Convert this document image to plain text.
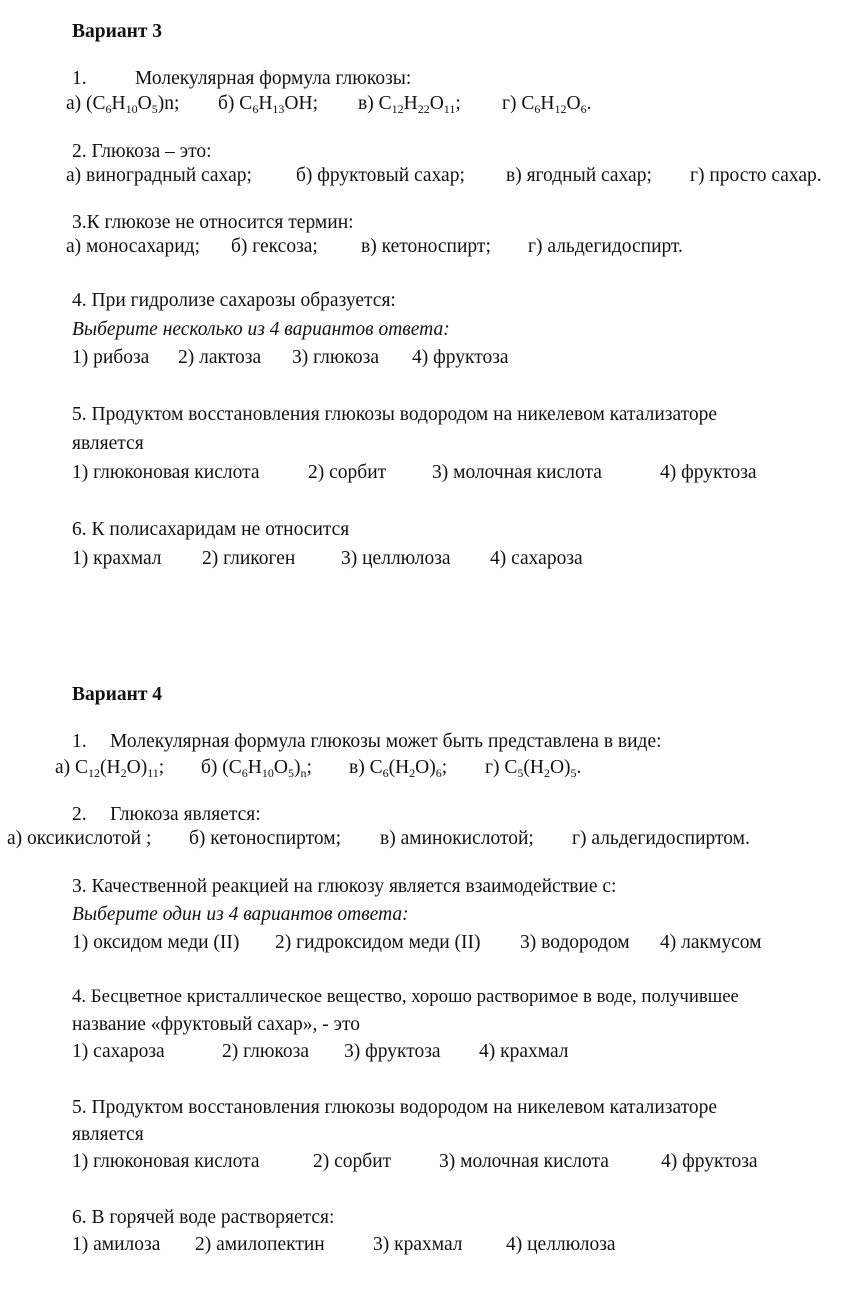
Вариант 3
1. Молекулярная формула глюкозы:
а) $(C_6H_{10}O_5)n$; б) $C_6H_{13}OH$; в) $C_{12}H_{22}O_{11}$; г) $C_6H_{12}O_6$.
2. Глюкоза – это:
а) виноградный сахар; б) фруктовый сахар; в) ягодный сахар; г) просто сахар.
3.К глюкозе не относится термин:
а) моносахарид; б) гексоза; в) кетоноспирт; г) альдегидоспирт.
4. При гидролизе сахарозы образуется:
Выберите несколько из 4 вариантов ответа:
1) рибоза 2) лактоза 3) глюкоза 4) фруктоза
5. Продуктом восстановления глюкозы водородом на никелевом катализаторе
является
1) глюконовая кислота 2) сорбит 3) молочная кислота	4) фруктоза
6. К полисахаридам не относится
1) крахмал 2) гликоген 3) целлюлоза 4) сахароза
Вариант 4
1. Молекулярная формула глюкозы может быть представлена в виде:
а) $C_{12}(H_2O)_{11}$; б) $(C_6H_{10}O_5)_n$; в) $C_6(H_2O)_6$; г) $C_5(H_2O)_5$.
2. Глюкоза является:
а) оксикислотой ; б) кетоноспиртом; в) аминокислотой; г) альдегидоспиртом.
3. Качественной реакцией на глюкозу является взаимодействие с:
Выберите один из 4 вариантов ответа:
1) оксидом меди (II) 2) гидроксидом меди (II) 3) водородом 4) лакмусом
4. Бесцветное кристаллическое вещество, хорошо растворимое в воде, получившее
название «фруктовый сахар», - это
1) сахароза	2) глюкоза 3) фруктоза 4) крахмал
5. Продуктом восстановления глюкозы водородом на никелевом катализаторе
является
1) глюконовая кислота	2) сорбит 3) молочная кислота	4) фруктоза
6. В горячей воде растворяется:
1) амилоза 2) амилопектин 3) крахмал 4) целлюлоза
